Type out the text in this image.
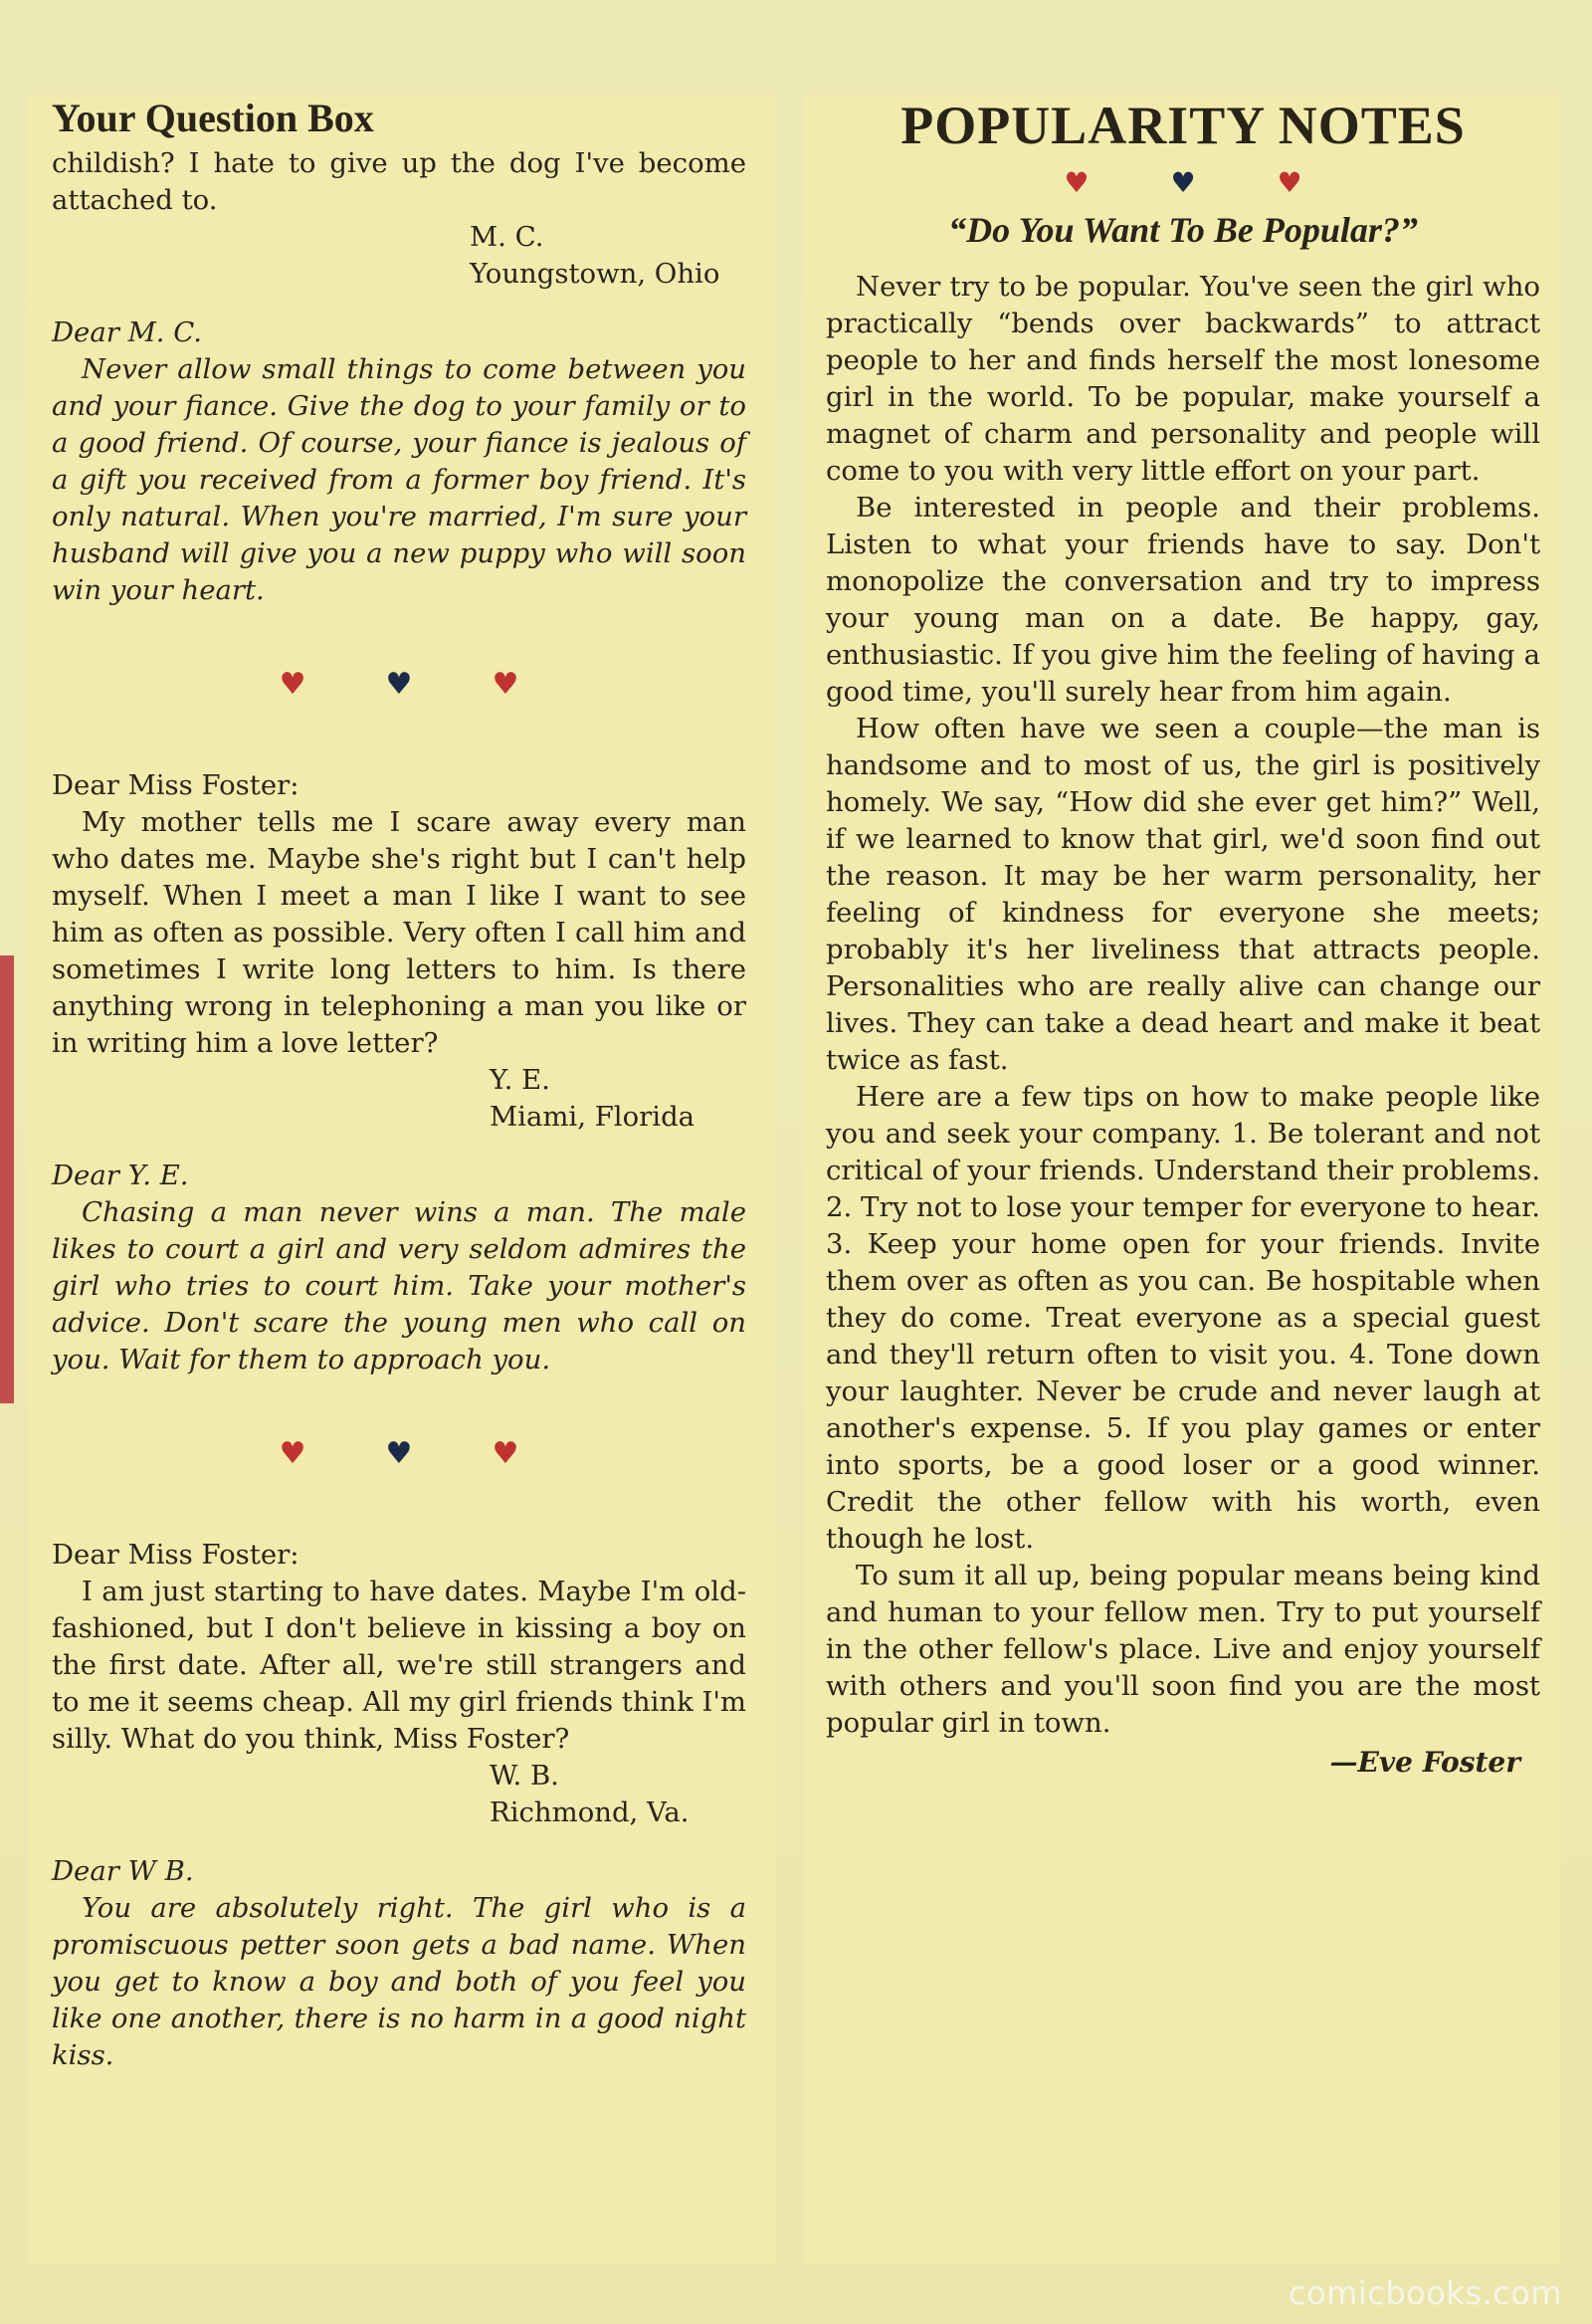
Your Question Box

childish? I hate to give up the dog I've become attached to.

M. C.
Youngstown, Ohio
Dear M. C.

Never allow small things to come between you and your fiance. Give the dog to your family or to a good friend. Of course, your fiance is jealous of a gift you received from a former boy friend. It's only natural. When you're married, I'm sure your husband will give you a new puppy who will soon win your heart.

♥	♥	♥
Dear Miss Foster:

My mother tells me I scare away every man who dates me. Maybe she's right but I can't help myself. When I meet a man I like I want to see him as often as possible. Very often I call him and sometimes I write long letters to him. Is there anything wrong in telephoning a man you like or in writing him a love letter?

Y. E.
Miami, Florida
Dear Y. E.

Chasing a man never wins a man. The male likes to court a girl and very seldom admires the girl who tries to court him. Take your mother's advice. Don't scare the young men who call on you. Wait for them to approach you.

♥	♥	♥
Dear Miss Foster:

I am just starting to have dates. Maybe I'm old-fashioned, but I don't believe in kissing a boy on the first date. After all, we're still strangers and to me it seems cheap. All my girl friends think I'm silly. What do you think, Miss Foster?

W. B.
Richmond, Va.
Dear W B.

You are absolutely right. The girl who is a promiscuous petter soon gets a bad name. When you get to know a boy and both of you feel you like one another, there is no harm in a good night kiss.

POPULARITY NOTES
♥	♥	♥
“Do You Want To Be Popular?”

Never try to be popular. You've seen the girl who practically “bends over backwards” to attract people to her and finds herself the most lonesome girl in the world. To be popular, make yourself a magnet of charm and personality and people will come to you with very little effort on your part.

Be interested in people and their problems. Listen to what your friends have to say. Don't monopolize the conversation and try to impress your young man on a date. Be happy, gay, enthusiastic. If you give him the feeling of having a good time, you'll surely hear from him again.

How often have we seen a couple—the man is handsome and to most of us, the girl is positively homely. We say, “How did she ever get him?” Well, if we learned to know that girl, we'd soon find out the reason. It may be her warm personality, her feeling of kindness for everyone she meets; probably it's her liveliness that attracts people. Personalities who are really alive can change our lives. They can take a dead heart and make it beat twice as fast.

Here are a few tips on how to make people like you and seek your company. 1. Be tolerant and not critical of your friends. Understand their problems. 2. Try not to lose your temper for everyone to hear. 3. Keep your home open for your friends. Invite them over as often as you can. Be hospitable when they do come. Treat everyone as a special guest and they'll return often to visit you. 4. Tone down your laughter. Never be crude and never laugh at another's expense. 5. If you play games or enter into sports, be a good loser or a good winner. Credit the other fellow with his worth, even though he lost.

To sum it all up, being popular means being kind and human to your fellow men. Try to put yourself in the other fellow's place. Live and enjoy yourself with others and you'll soon find you are the most popular girl in town.

—Eve Foster
comicbooks.com
